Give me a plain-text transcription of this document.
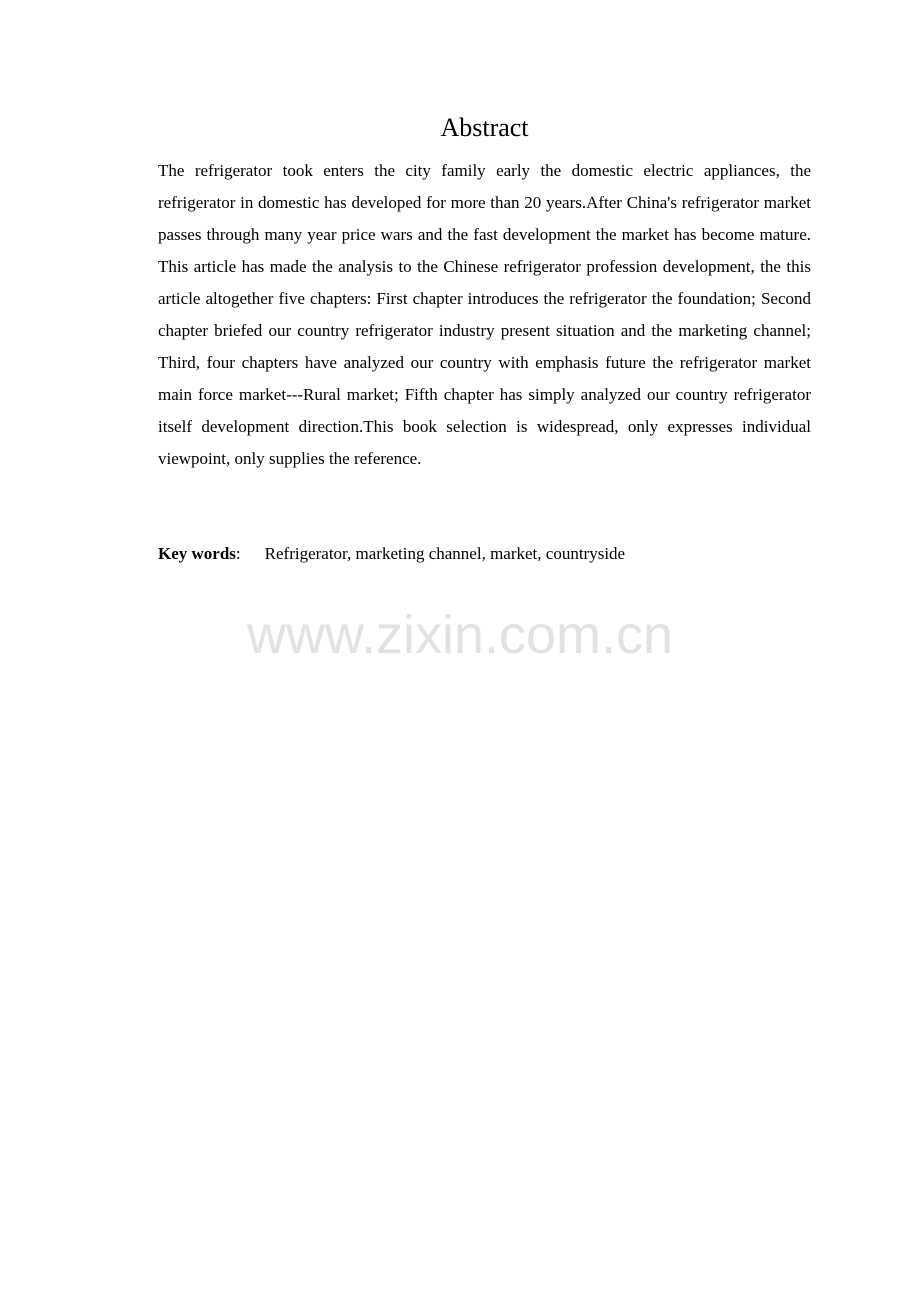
Abstract

The refrigerator took enters the city family early the domestic electric appliances, the refrigerator in domestic has developed for more than 20 years.After China's refrigerator market passes through many year price wars and the fast development the market has become mature. This article has made the analysis to the Chinese refrigerator profession development, the this article altogether five chapters: First chapter introduces the refrigerator the foundation; Second chapter briefed our country refrigerator industry present situation and the marketing channel; Third, four chapters have analyzed our country with emphasis future the refrigerator market main force market---Rural market; Fifth chapter has simply analyzed our country refrigerator itself development direction.This book selection is widespread, only expresses individual viewpoint, only supplies the reference.

Key words: Refrigerator, marketing channel, market, countryside

www.zixin.com.cn
